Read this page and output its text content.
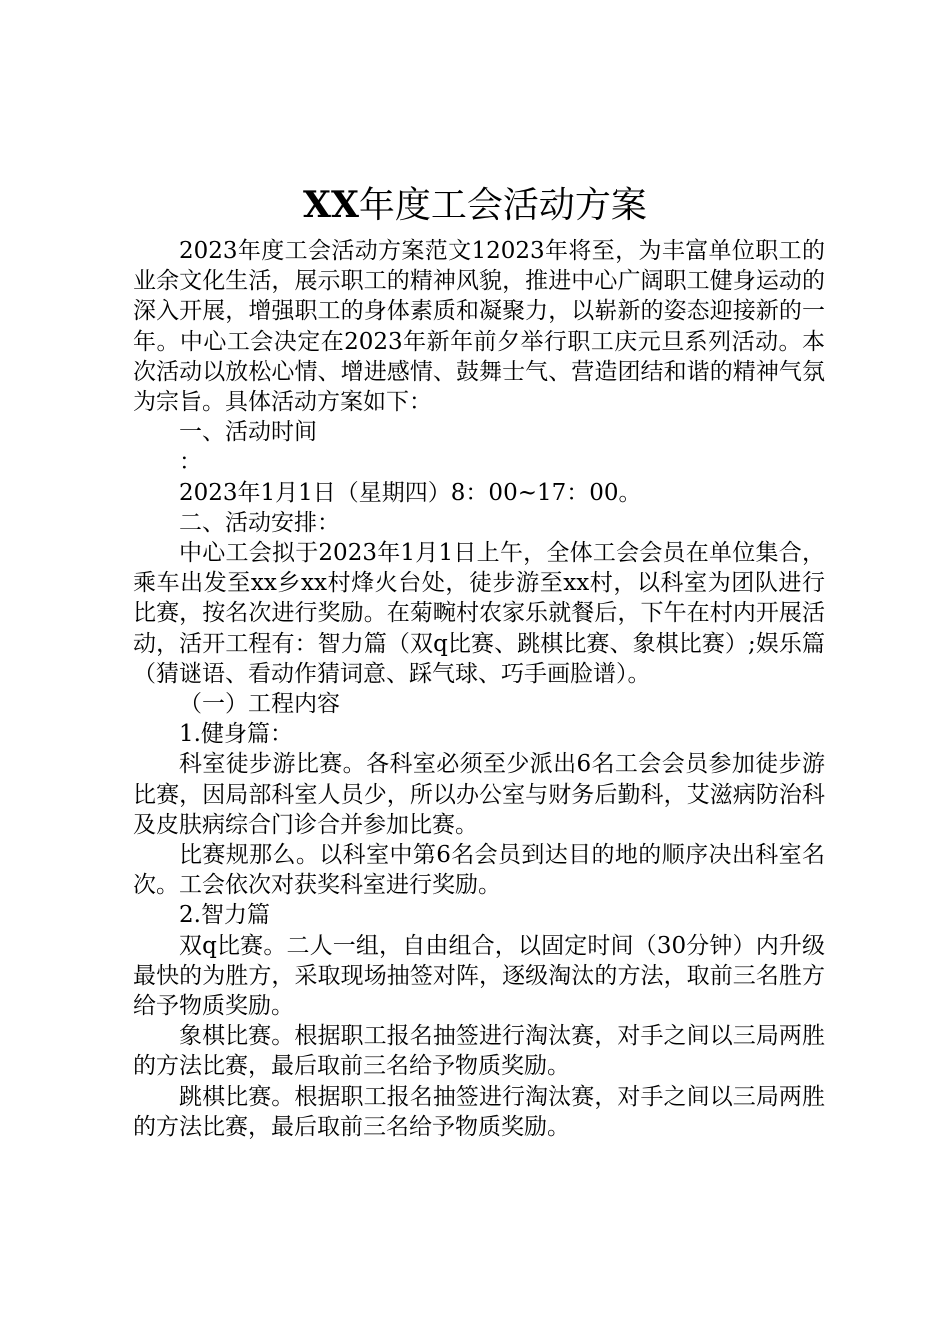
XX年度工会活动方案

2023年度工会活动方案范文12023年将至，为丰富单位职工的业余文化生活，展示职工的精神风貌，推进中心广阔职工健身运动的深入开展，增强职工的身体素质和凝聚力，以崭新的姿态迎接新的一年。中心工会决定在2023年新年前夕举行职工庆元旦系列活动。本次活动以放松心情、增进感情、鼓舞士气、营造团结和谐的精神气氛为宗旨。具体活动方案如下：

一、活动时间

：

2023年1月1日（星期四）8：00~17：00。

二、活动安排：

中心工会拟于2023年1月1日上午，全体工会会员在单位集合，乘车出发至xx乡xx村烽火台处，徒步游至xx村，以科室为团队进行比赛，按名次进行奖励。在菊畹村农家乐就餐后，下午在村内开展活动，活开工程有：智力篇（双q比赛、跳棋比赛、象棋比赛）;娱乐篇（猜谜语、看动作猜词意、踩气球、巧手画脸谱）。

（一）工程内容

1.健身篇：

科室徒步游比赛。各科室必须至少派出6名工会会员参加徒步游比赛，因局部科室人员少，所以办公室与财务后勤科，艾滋病防治科及皮肤病综合门诊合并参加比赛。

比赛规那么。以科室中第6名会员到达目的地的顺序决出科室名次。工会依次对获奖科室进行奖励。

2.智力篇

双q比赛。二人一组，自由组合，以固定时间（30分钟）内升级最快的为胜方，采取现场抽签对阵，逐级淘汰的方法，取前三名胜方给予物质奖励。

象棋比赛。根据职工报名抽签进行淘汰赛，对手之间以三局两胜的方法比赛，最后取前三名给予物质奖励。

跳棋比赛。根据职工报名抽签进行淘汰赛，对手之间以三局两胜的方法比赛，最后取前三名给予物质奖励。
